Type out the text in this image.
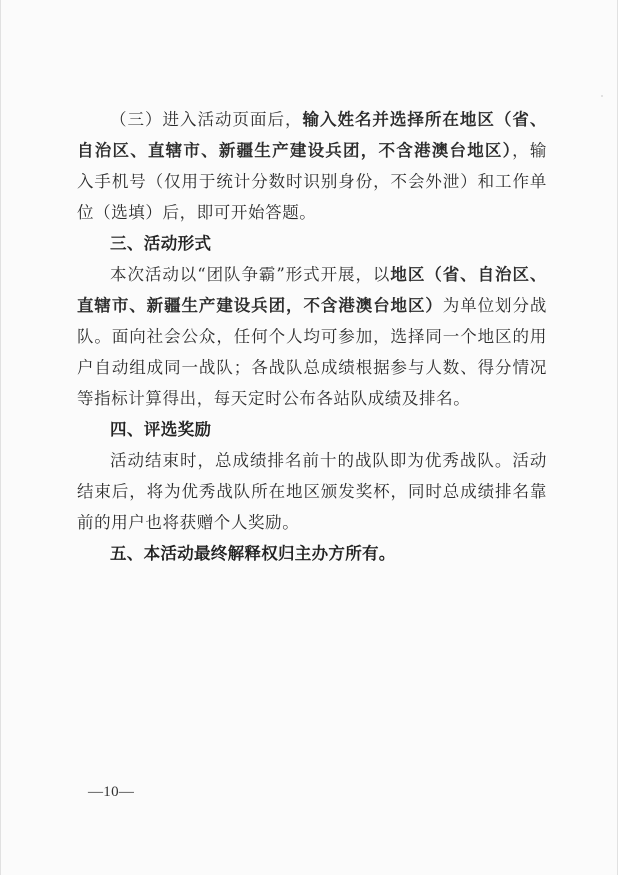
（三）进入活动页面后，输入姓名并选择所在地区（省、自治区、直辖市、新疆生产建设兵团，不含港澳台地区），输入手机号（仅用于统计分数时识别身份，不会外泄）和工作单位（选填）后，即可开始答题。

三、活动形式

本次活动以“团队争霸”形式开展，以地区（省、自治区、直辖市、新疆生产建设兵团，不含港澳台地区）为单位划分战队。面向社会公众，任何个人均可参加，选择同一个地区的用户自动组成同一战队；各战队总成绩根据参与人数、得分情况等指标计算得出，每天定时公布各站队成绩及排名。

四、评选奖励

活动结束时，总成绩排名前十的战队即为优秀战队。活动结束后，将为优秀战队所在地区颁发奖杯，同时总成绩排名靠前的用户也将获赠个人奖励。

五、本活动最终解释权归主办方所有。

—10—
